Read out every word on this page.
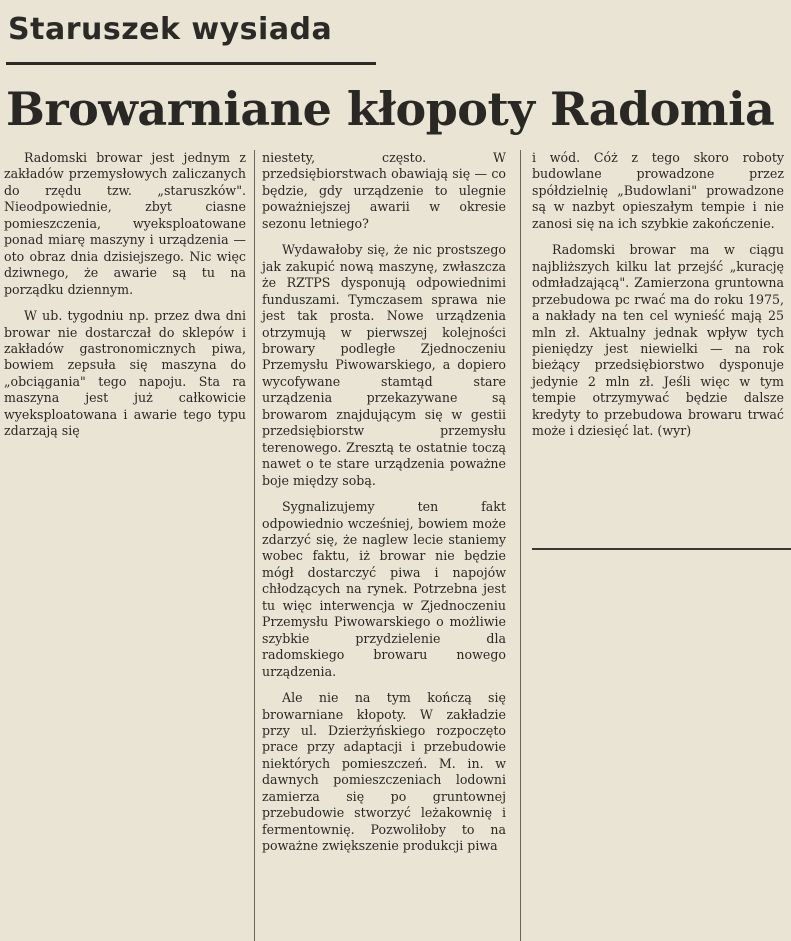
Staruszek wysiada
Browarniane kłopoty Radomia

Radomski browar jest jednym z zakładów przemysłowych zaliczanych do rzędu tzw. „staruszków". Nieodpowiednie, zbyt ciasne pomieszczenia, wyeksploatowane ponad miarę maszyny i urządzenia — oto obraz dnia dzisiejszego. Nic więc dziwnego, że awarie są tu na porządku dziennym.

W ub. tygodniu np. przez dwa dni browar nie dostarczał do sklepów i zakładów gastronomicznych piwa, bowiem zepsuła się maszyna do „obciągania" tego napoju. Sta ra maszyna jest już całkowicie wyeksploatowana i awarie tego typu zdarzają się

niestety, często. W przedsiębiorstwach obawiają się — co będzie, gdy urządzenie to ulegnie poważniejszej awarii w okresie sezonu letniego?

Wydawałoby się, że nic prostszego jak zakupić nową maszynę, zwłaszcza że RZTPS dysponują odpowiednimi funduszami. Tymczasem sprawa nie jest tak prosta. Nowe urządzenia otrzymują w pierwszej kolejności browary podległe Zjednoczeniu Przemysłu Piwowarskiego, a dopiero wycofywane stamtąd stare urządzenia przekazywane są browarom znajdującym się w gestii przedsiębiorstw przemysłu terenowego. Zresztą te ostatnie toczą nawet o te stare urządzenia poważne boje między sobą.

Sygnalizujemy ten fakt odpowiednio wcześniej, bowiem może zdarzyć się, że naglew lecie staniemy wobec faktu, iż browar nie będzie mógł dostarczyć piwa i napojów chłodzących na rynek. Potrzebna jest tu więc interwencja w Zjednoczeniu Przemysłu Piwowarskiego o możliwie szybkie przydzielenie dla radomskiego browaru nowego urządzenia.

Ale nie na tym kończą się browarniane kłopoty. W zakładzie przy ul. Dzierżyńskiego rozpoczęto prace przy adaptacji i przebudowie niektórych pomieszczeń. M. in. w dawnych pomieszczeniach lodowni zamierza się po gruntownej przebudowie stworzyć leżakownię i fermentownię. Pozwoliłoby to na poważne zwiększenie produkcji piwa

i wód. Cóż z tego skoro roboty budowlane prowadzone przez spółdzielnię „Budowlani" prowadzone są w nazbyt opieszałym tempie i nie zanosi się na ich szybkie zakończenie.

Radomski browar ma w ciągu najbliższych kilku lat przejść „kurację odmładzającą". Zamierzona gruntowna przebudowa pc rwać ma do roku 1975, a nakłady na ten cel wynieść mają 25 mln zł. Aktualny jednak wpływ tych pieniędzy jest niewielki — na rok bieżący przedsiębiorstwo dysponuje jedynie 2 mln zł. Jeśli więc w tym tempie otrzymywać będzie dalsze kredyty to przebudowa browaru trwać może i dziesięć lat. (wyr)
